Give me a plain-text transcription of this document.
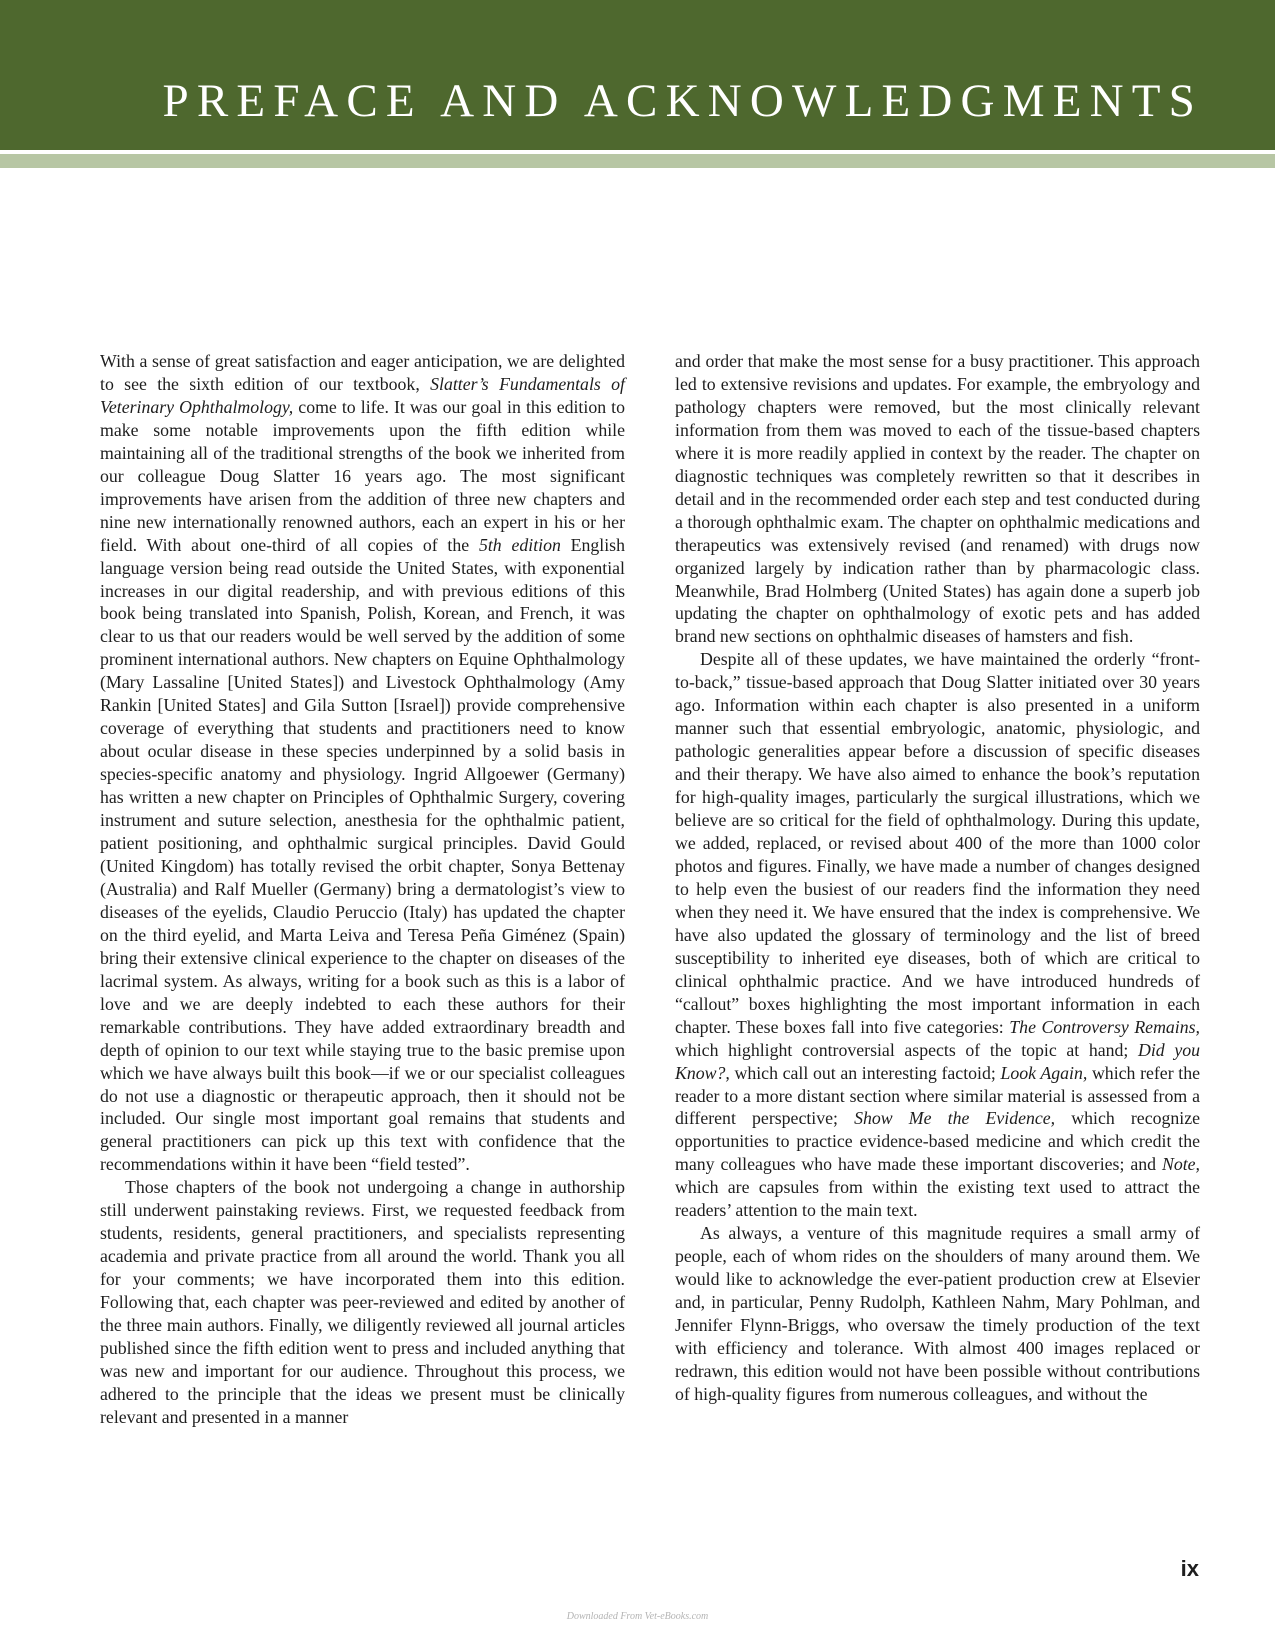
PREFACE AND ACKNOWLEDGMENTS

With a sense of great satisfaction and eager anticipation, we are delighted to see the sixth edition of our textbook, Slatter’s Fundamentals of Veterinary Ophthalmology, come to life. It was our goal in this edition to make some notable improvements upon the fifth edition while maintaining all of the traditional strengths of the book we inherited from our colleague Doug Slatter 16 years ago. The most significant improvements have arisen from the addition of three new chapters and nine new internationally renowned authors, each an expert in his or her field. With about one-third of all copies of the 5th edition English language version being read outside the United States, with exponential increases in our digital readership, and with previous editions of this book being translated into Spanish, Polish, Korean, and French, it was clear to us that our readers would be well served by the addition of some prominent international authors. New chapters on Equine Ophthalmology (Mary Lassaline [United States]) and Livestock Ophthalmology (Amy Rankin [United States] and Gila Sutton [Israel]) provide comprehensive coverage of everything that students and practitioners need to know about ocular disease in these species underpinned by a solid basis in species-specific anatomy and physiology. Ingrid Allgoewer (Germany) has written a new chapter on Principles of Ophthalmic Surgery, covering instrument and suture selection, anesthesia for the ophthalmic patient, patient positioning, and ophthalmic surgical principles. David Gould (United Kingdom) has totally revised the orbit chapter, Sonya Bettenay (Australia) and Ralf Mueller (Germany) bring a dermatologist’s view to diseases of the eyelids, Claudio Peruccio (Italy) has updated the chapter on the third eyelid, and Marta Leiva and Teresa Peña Giménez (Spain) bring their extensive clinical experience to the chapter on diseases of the lacrimal system. As always, writing for a book such as this is a labor of love and we are deeply indebted to each these authors for their remarkable contributions. They have added extraordinary breadth and depth of opinion to our text while staying true to the basic premise upon which we have always built this book—if we or our specialist colleagues do not use a diagnostic or therapeutic approach, then it should not be included. Our single most important goal remains that students and general practitioners can pick up this text with confidence that the recommendations within it have been “field tested”.

Those chapters of the book not undergoing a change in authorship still underwent painstaking reviews. First, we requested feedback from students, residents, general practitioners, and specialists representing academia and private practice from all around the world. Thank you all for your comments; we have incorporated them into this edition. Following that, each chapter was peer-reviewed and edited by another of the three main authors. Finally, we diligently reviewed all journal articles published since the fifth edition went to press and included anything that was new and important for our audience. Throughout this process, we adhered to the principle that the ideas we present must be clinically relevant and presented in a manner

and order that make the most sense for a busy practitioner. This approach led to extensive revisions and updates. For example, the embryology and pathology chapters were removed, but the most clinically relevant information from them was moved to each of the tissue-based chapters where it is more readily applied in context by the reader. The chapter on diagnostic techniques was completely rewritten so that it describes in detail and in the recommended order each step and test conducted during a thorough ophthalmic exam. The chapter on ophthalmic medications and therapeutics was extensively revised (and renamed) with drugs now organized largely by indication rather than by pharmacologic class. Meanwhile, Brad Holmberg (United States) has again done a superb job updating the chapter on ophthalmology of exotic pets and has added brand new sections on ophthalmic diseases of hamsters and fish.

Despite all of these updates, we have maintained the orderly “front-to-back,” tissue-based approach that Doug Slatter initiated over 30 years ago. Information within each chapter is also presented in a uniform manner such that essential embryologic, anatomic, physiologic, and pathologic generalities appear before a discussion of specific diseases and their therapy. We have also aimed to enhance the book’s reputation for high-quality images, particularly the surgical illustrations, which we believe are so critical for the field of ophthalmology. During this update, we added, replaced, or revised about 400 of the more than 1000 color photos and figures. Finally, we have made a number of changes designed to help even the busiest of our readers find the information they need when they need it. We have ensured that the index is comprehensive. We have also updated the glossary of terminology and the list of breed susceptibility to inherited eye diseases, both of which are critical to clinical ophthalmic practice. And we have introduced hundreds of “callout” boxes highlighting the most important information in each chapter. These boxes fall into five categories: The Controversy Remains, which highlight controversial aspects of the topic at hand; Did you Know?, which call out an interesting factoid; Look Again, which refer the reader to a more distant section where similar material is assessed from a different perspective; Show Me the Evidence, which recognize opportunities to practice evidence-based medicine and which credit the many colleagues who have made these important discoveries; and Note, which are capsules from within the existing text used to attract the readers’ attention to the main text.

As always, a venture of this magnitude requires a small army of people, each of whom rides on the shoulders of many around them. We would like to acknowledge the ever-patient production crew at Elsevier and, in particular, Penny Rudolph, Kathleen Nahm, Mary Pohlman, and Jennifer Flynn-Briggs, who oversaw the timely production of the text with efficiency and tolerance. With almost 400 images replaced or redrawn, this edition would not have been possible without contributions of high-quality figures from numerous colleagues, and without the

ix
Downloaded From Vet-eBooks.com
